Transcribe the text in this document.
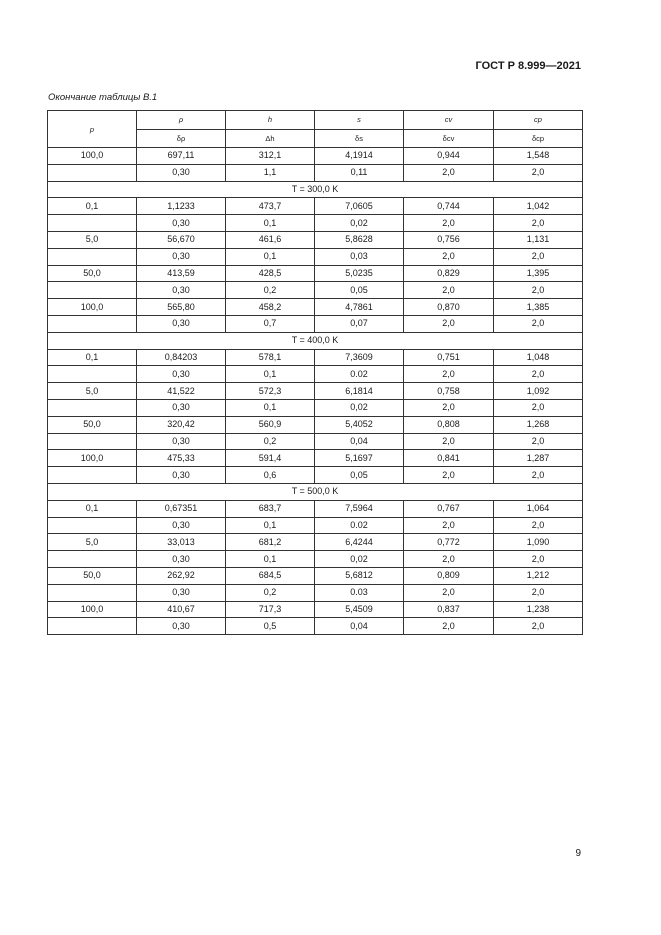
ГОСТ Р 8.999—2021
Окончание таблицы В.1
p	ρ	h	s	cv	cp
	δρ	Δh	δs	δcv	δcp
100,0	697,11	312,1	4,1914	0,944	1,548
	0,30	1,1	0,11	2,0	2,0
T = 300,0 K					
0,1	1,1233	473,7	7,0605	0,744	1,042
	0,30	0,1	0,02	2,0	2,0
5,0	56,670	461,6	5,8628	0,756	1,131
	0,30	0,1	0,03	2,0	2,0
50,0	413,59	428,5	5,0235	0,829	1,395
	0,30	0,2	0,05	2,0	2,0
100,0	565,80	458,2	4,7861	0,870	1,385
	0,30	0,7	0,07	2,0	2,0
T = 400,0 K					
0,1	0,84203	578,1	7,3609	0,751	1,048
	0,30	0,1	0.02	2,0	2,0
5,0	41,522	572,3	6,1814	0,758	1,092
	0,30	0,1	0,02	2,0	2,0
50,0	320,42	560,9	5,4052	0,808	1,268
	0,30	0,2	0,04	2,0	2,0
100,0	475,33	591,4	5,1697	0,841	1,287
	0,30	0,6	0,05	2,0	2,0
T = 500,0 K					
0,1	0,67351	683,7	7,5964	0,767	1,064
	0,30	0,1	0.02	2,0	2,0
5,0	33,013	681,2	6,4244	0,772	1,090
	0,30	0,1	0,02	2,0	2,0
50,0	262,92	684,5	5,6812	0,809	1,212
	0,30	0,2	0.03	2,0	2,0
100,0	410,67	717,3	5,4509	0,837	1,238
	0,30	0,5	0,04	2,0	2,0
9
